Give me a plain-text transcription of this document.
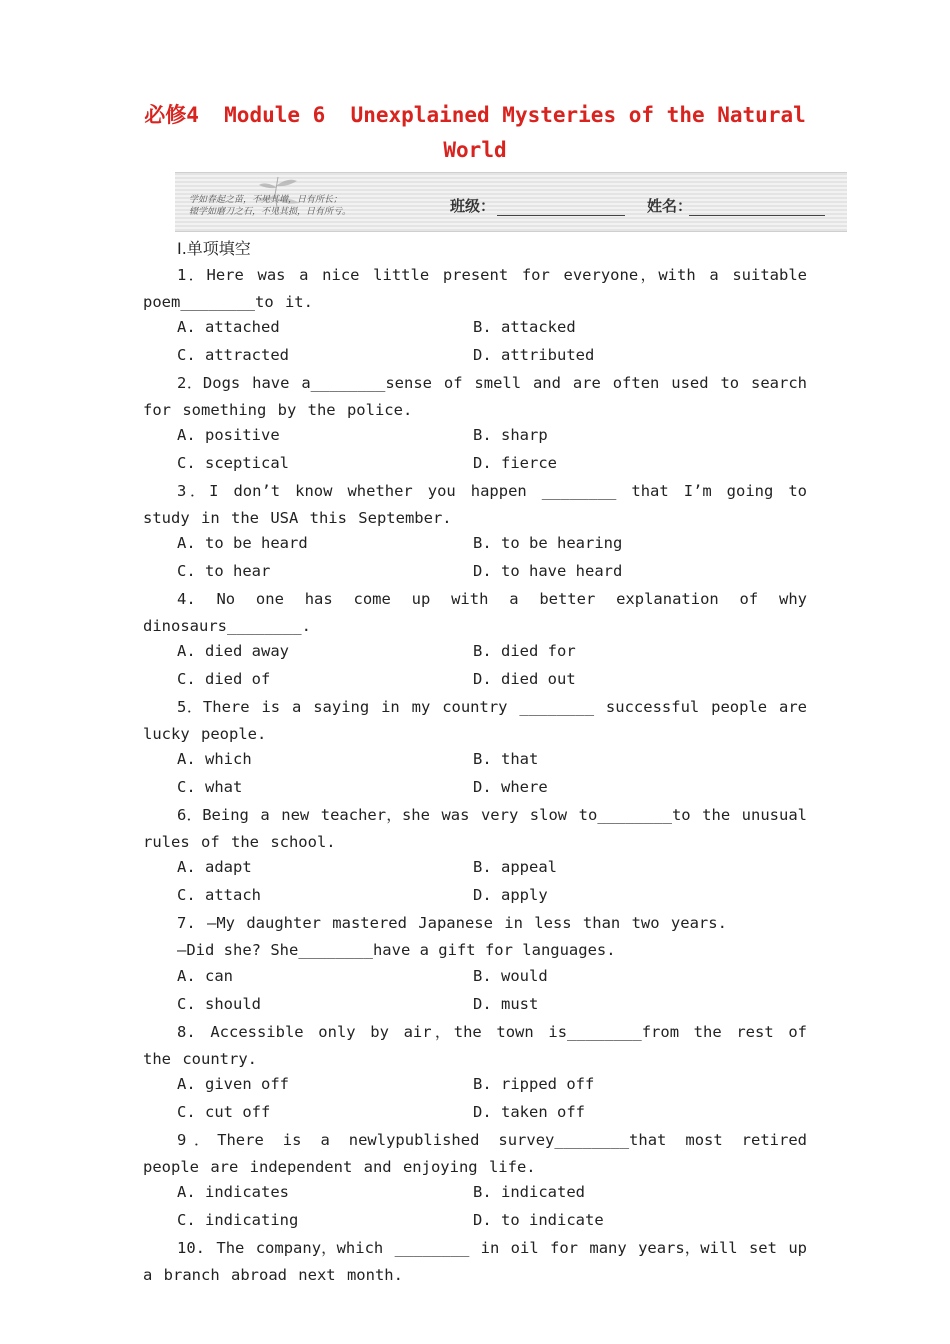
必修4  Module 6  Unexplained Mysteries of the Natural
World
学如春起之苗，不见其增，日有所长；
辍学如磨刀之石，不见其损，日有所亏。	班级：	姓名：
Ⅰ.单项填空

1．Here was a nice little present for everyone，with a suitable poem________to it.

A. attached	B. attacked
C. attracted	D. attributed

2．Dogs have a________sense of smell and are often used to search for something by the police.

A. positive	B. sharp
C. sceptical	D. fierce

3．I don’t know whether you happen ________ that I’m going to study in the USA this September.

A. to be heard	B. to be hearing
C. to hear	D. to have heard

4. No one has come up with a better explanation of why dinosaurs________.

A. died away	B. died for
C. died of	D. died out

5．There is a saying in my country ________ successful people are lucky people.

A. which	B. that
C. what	D. where

6．Being a new teacher，she was very slow to________to the unusual rules of the school.

A. adapt	B. appeal
C. attach	D. apply

7. —My daughter mastered Japanese in less than two years.

—Did she? She________have a gift for languages.
A. can	B. would
C. should	D. must

8. Accessible only by air，the town is________from the rest of the country.

A. given off	B. ripped off
C. cut off	D. taken off

9．There is a newlypublished survey________that most retired people are independent and enjoying life.

A. indicates	B. indicated
C. indicating	D. to indicate

10. The company，which ________ in oil for many years，will set up a branch abroad next month.
